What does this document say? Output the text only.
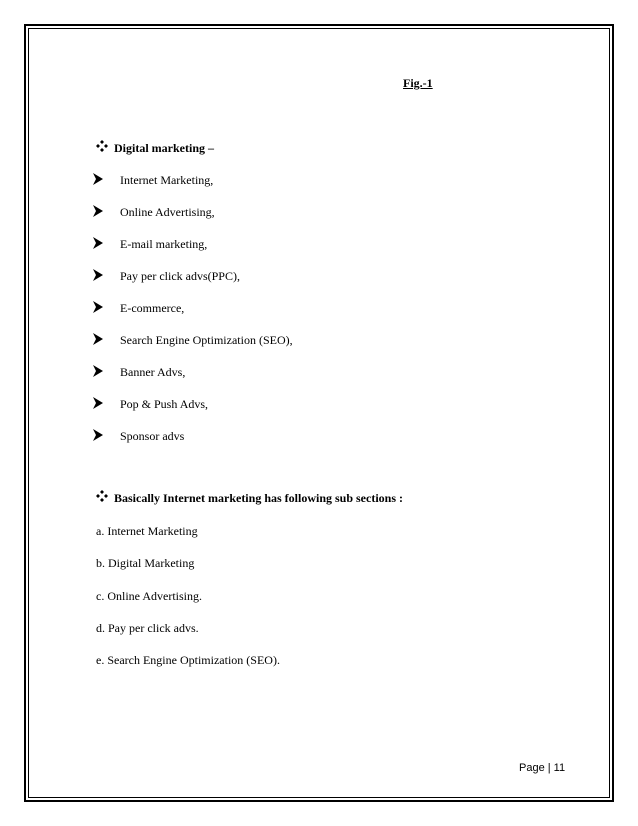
Fig.-1
Digital marketing –
Internet Marketing,
Online Advertising,
E-mail marketing,
Pay per click advs(PPC),
E-commerce,
Search Engine Optimization (SEO),
Banner Advs,
Pop & Push Advs,
Sponsor advs
Basically Internet marketing has following sub sections :
a. Internet Marketing
b. Digital Marketing
c. Online Advertising.
d. Pay per click advs.
e. Search Engine Optimization (SEO).
Page | 11
